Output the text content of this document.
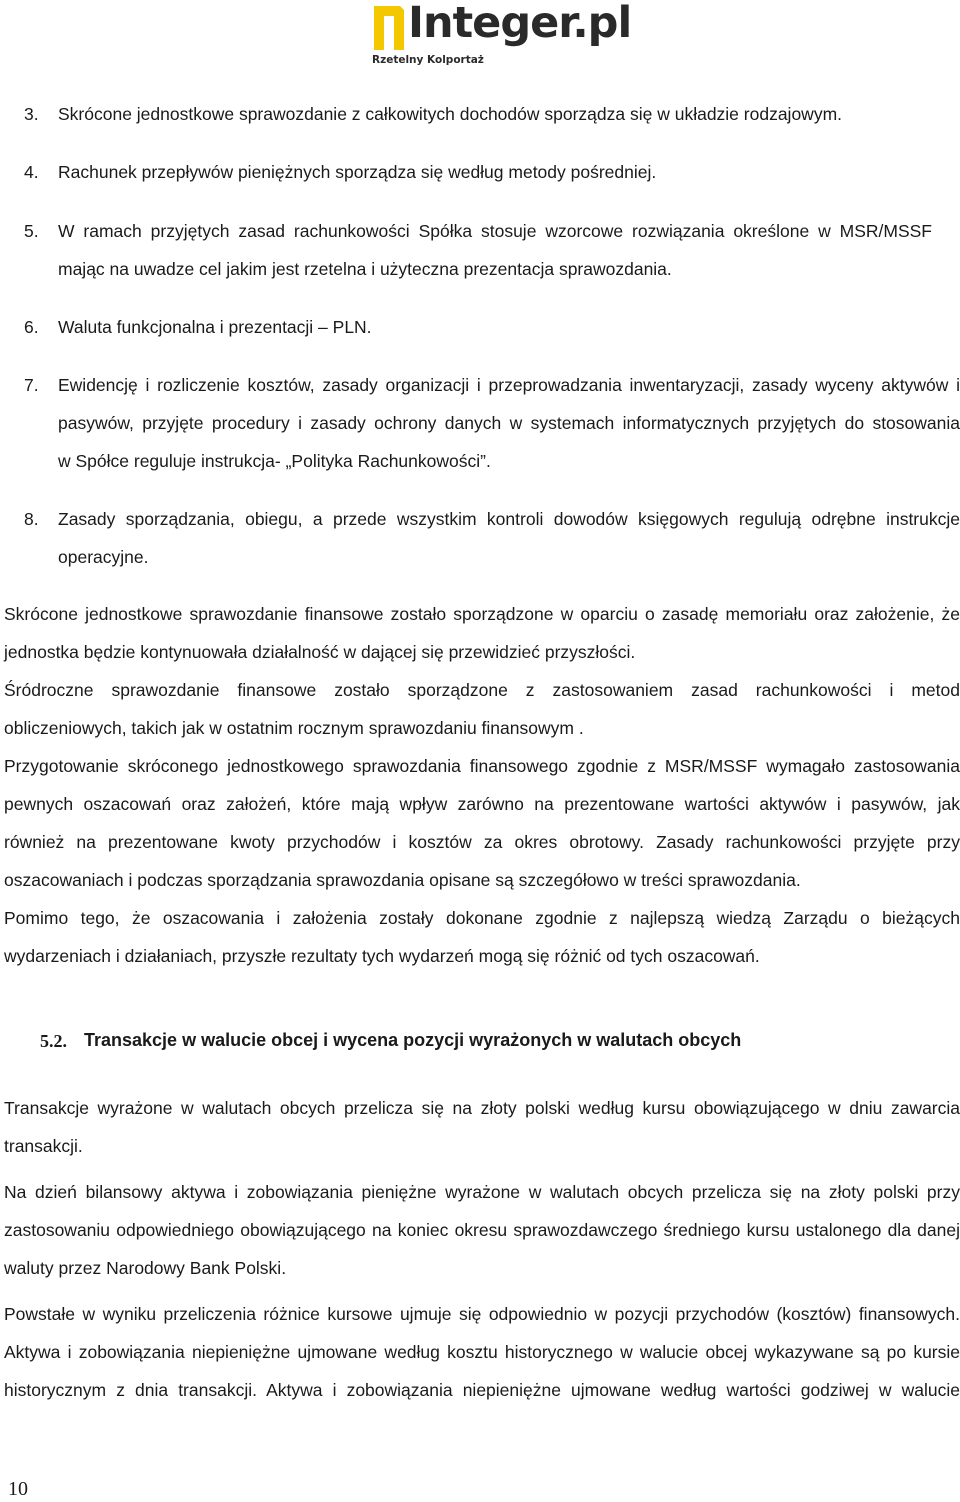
Integer.pl
Rzetelny Kolportaż
3. Skrócone jednostkowe sprawozdanie z całkowitych dochodów sporządza się w układzie rodzajowym.
4. Rachunek przepływów pieniężnych sporządza się według metody pośredniej.
5. W ramach przyjętych zasad rachunkowości Spółka stosuje wzorcowe rozwiązania określone w MSR/MSSF
mając na uwadze cel jakim jest rzetelna i użyteczna prezentacja sprawozdania.
6. Waluta funkcjonalna i prezentacji – PLN.
7. Ewidencję i rozliczenie kosztów, zasady organizacji i przeprowadzania inwentaryzacji, zasady wyceny aktywów i
pasywów, przyjęte procedury i zasady ochrony danych w systemach informatycznych przyjętych do stosowania
w Spółce reguluje instrukcja- „Polityka Rachunkowości”.
8. Zasady sporządzania, obiegu, a przede wszystkim kontroli dowodów księgowych regulują odrębne instrukcje
operacyjne.
Skrócone jednostkowe sprawozdanie finansowe zostało sporządzone w oparciu o zasadę memoriału oraz założenie, że
jednostka będzie kontynuowała działalność w dającej się przewidzieć przyszłości.
Śródroczne sprawozdanie finansowe zostało sporządzone z zastosowaniem zasad rachunkowości i metod
obliczeniowych, takich jak w ostatnim rocznym sprawozdaniu finansowym .
Przygotowanie skróconego jednostkowego sprawozdania finansowego zgodnie z MSR/MSSF wymagało zastosowania
pewnych oszacowań oraz założeń, które mają wpływ zarówno na prezentowane wartości aktywów i pasywów, jak
również na prezentowane kwoty przychodów i kosztów za okres obrotowy. Zasady rachunkowości przyjęte przy
oszacowaniach i podczas sporządzania sprawozdania opisane są szczegółowo w treści sprawozdania.
Pomimo tego, że oszacowania i założenia zostały dokonane zgodnie z najlepszą wiedzą Zarządu o bieżących
wydarzeniach i działaniach, przyszłe rezultaty tych wydarzeń mogą się różnić od tych oszacowań.
5.2. Transakcje w walucie obcej i wycena pozycji wyrażonych w walutach obcych
Transakcje wyrażone w walutach obcych przelicza się na złoty polski według kursu obowiązującego w dniu zawarcia
transakcji.
Na dzień bilansowy aktywa i zobowiązania pieniężne wyrażone w walutach obcych przelicza się na złoty polski przy
zastosowaniu odpowiedniego obowiązującego na koniec okresu sprawozdawczego średniego kursu ustalonego dla danej
waluty przez Narodowy Bank Polski.
Powstałe w wyniku przeliczenia różnice kursowe ujmuje się odpowiednio w pozycji przychodów (kosztów) finansowych.
Aktywa i zobowiązania niepieniężne ujmowane według kosztu historycznego w walucie obcej wykazywane są po kursie
historycznym z dnia transakcji. Aktywa i zobowiązania niepieniężne ujmowane według wartości godziwej w walucie
10
